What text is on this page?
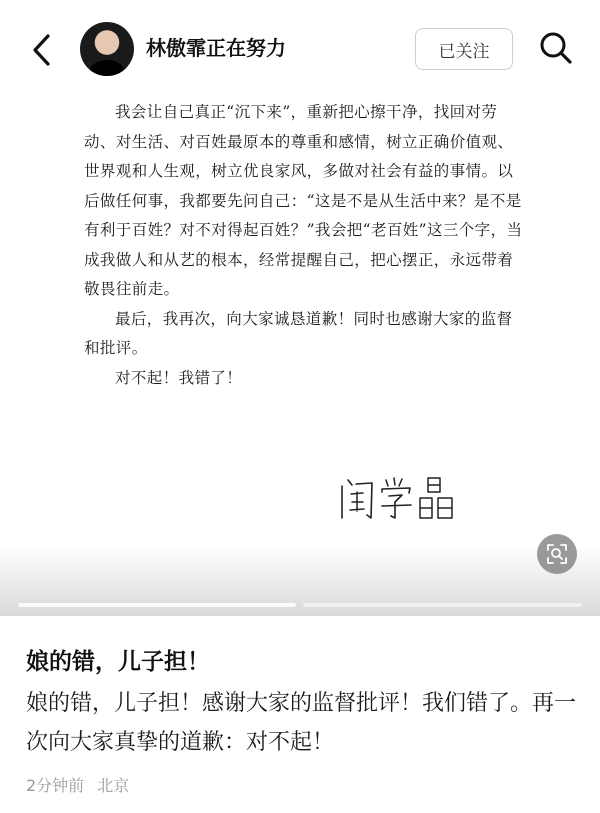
林傲霏正在努力	已关注

我会让自己真正“沉下来”，重新把心擦干净，找回对劳动、对生活、对百姓最原本的尊重和感情，树立正确价值观、世界观和人生观，树立优良家风，多做对社会有益的事情。以后做任何事，我都要先问自己：“这是不是从生活中来？是不是有利于百姓？对不对得起百姓？”我会把“老百姓”这三个字，当成我做人和从艺的根本，经常提醒自己，把心摆正，永远带着敬畏往前走。

最后，我再次，向大家诚恳道歉！同时也感谢大家的监督和批评。

对不起！我错了！

娘的错，儿子担！
娘的错，儿子担！感谢大家的监督批评！我们错了。再一次向大家真挚的道歉：对不起！
2分钟前 北京
